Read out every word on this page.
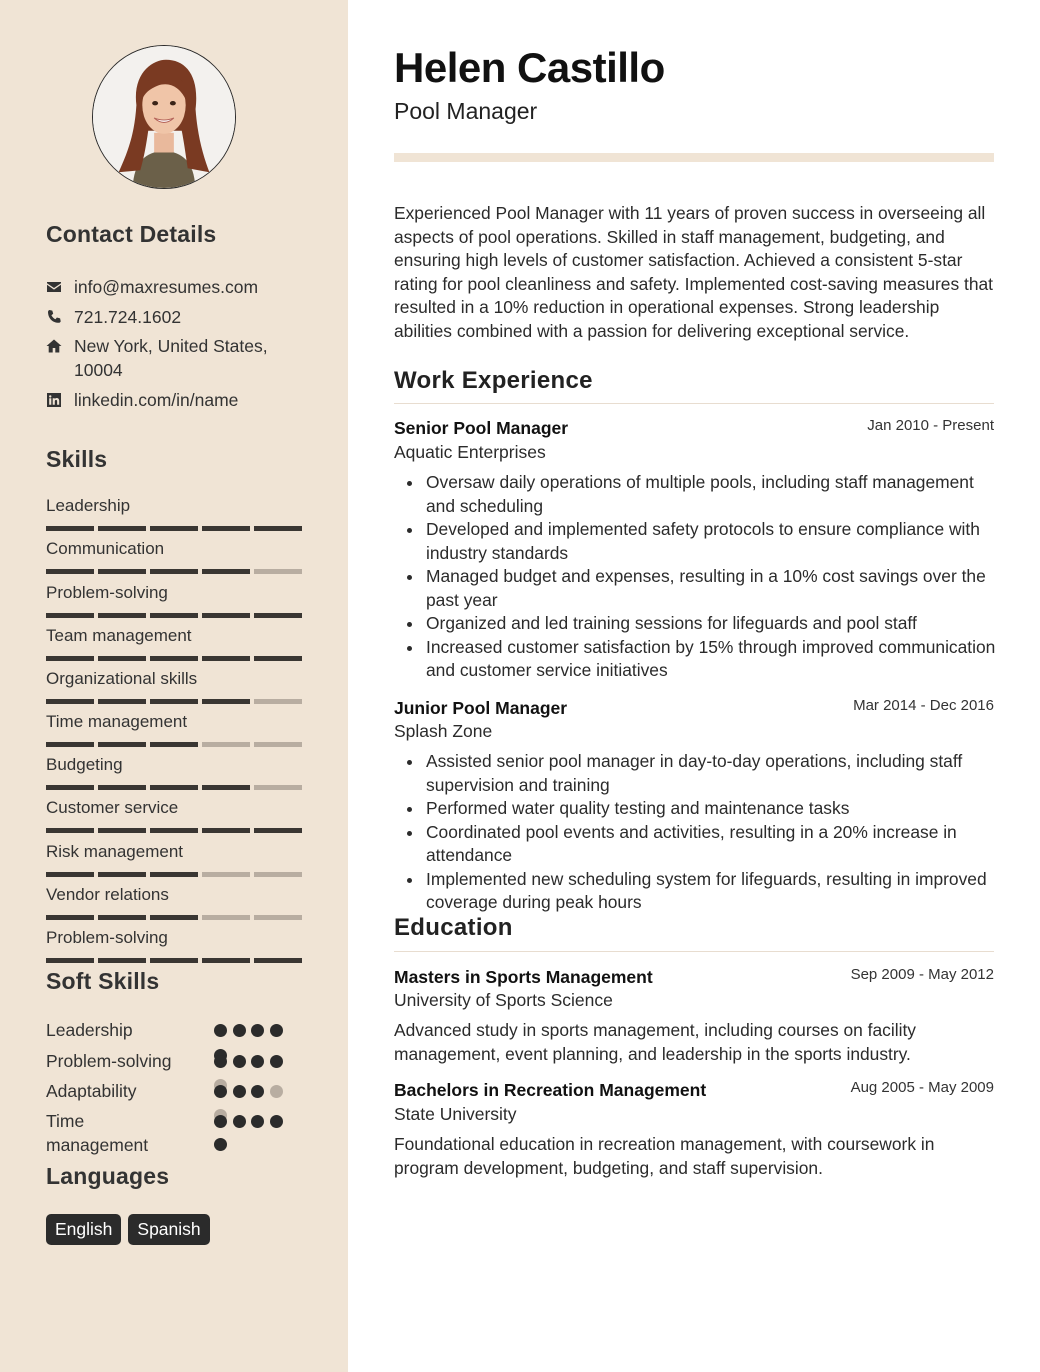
Contact Details
info@maxresumes.com
721.724.1602
New York, United States,
10004
linkedin.com/in/name
Skills
Leadership
Communication
Problem-solving
Team management
Organizational skills
Time management
Budgeting
Customer service
Risk management
Vendor relations
Problem-solving
Soft Skills
Leadership
Problem-solving
Adaptability
Time
management
Languages
English	Spanish
Helen Castillo
Pool Manager
Experienced Pool Manager with 11 years of proven success in overseeing all aspects of pool operations. Skilled in staff management, budgeting, and ensuring high levels of customer satisfaction. Achieved a consistent 5-star rating for pool cleanliness and safety. Implemented cost-saving measures that resulted in a 10% reduction in operational expenses. Strong leadership abilities combined with a passion for delivering exceptional service.
Work Experience
Senior Pool Manager	Jan 2010 - Present
Aquatic Enterprises
Oversaw daily operations of multiple pools, including staff management and scheduling
Developed and implemented safety protocols to ensure compliance with industry standards
Managed budget and expenses, resulting in a 10% cost savings over the past year
Organized and led training sessions for lifeguards and pool staff
Increased customer satisfaction by 15% through improved communication and customer service initiatives
Junior Pool Manager	Mar 2014 - Dec 2016
Splash Zone
Assisted senior pool manager in day-to-day operations, including staff supervision and training
Performed water quality testing and maintenance tasks
Coordinated pool events and activities, resulting in a 20% increase in attendance
Implemented new scheduling system for lifeguards, resulting in improved coverage during peak hours
Education
Masters in Sports Management	Sep 2009 - May 2012
University of Sports Science
Advanced study in sports management, including courses on facility management, event planning, and leadership in the sports industry.
Bachelors in Recreation Management	Aug 2005 - May 2009
State University
Foundational education in recreation management, with coursework in program development, budgeting, and staff supervision.
